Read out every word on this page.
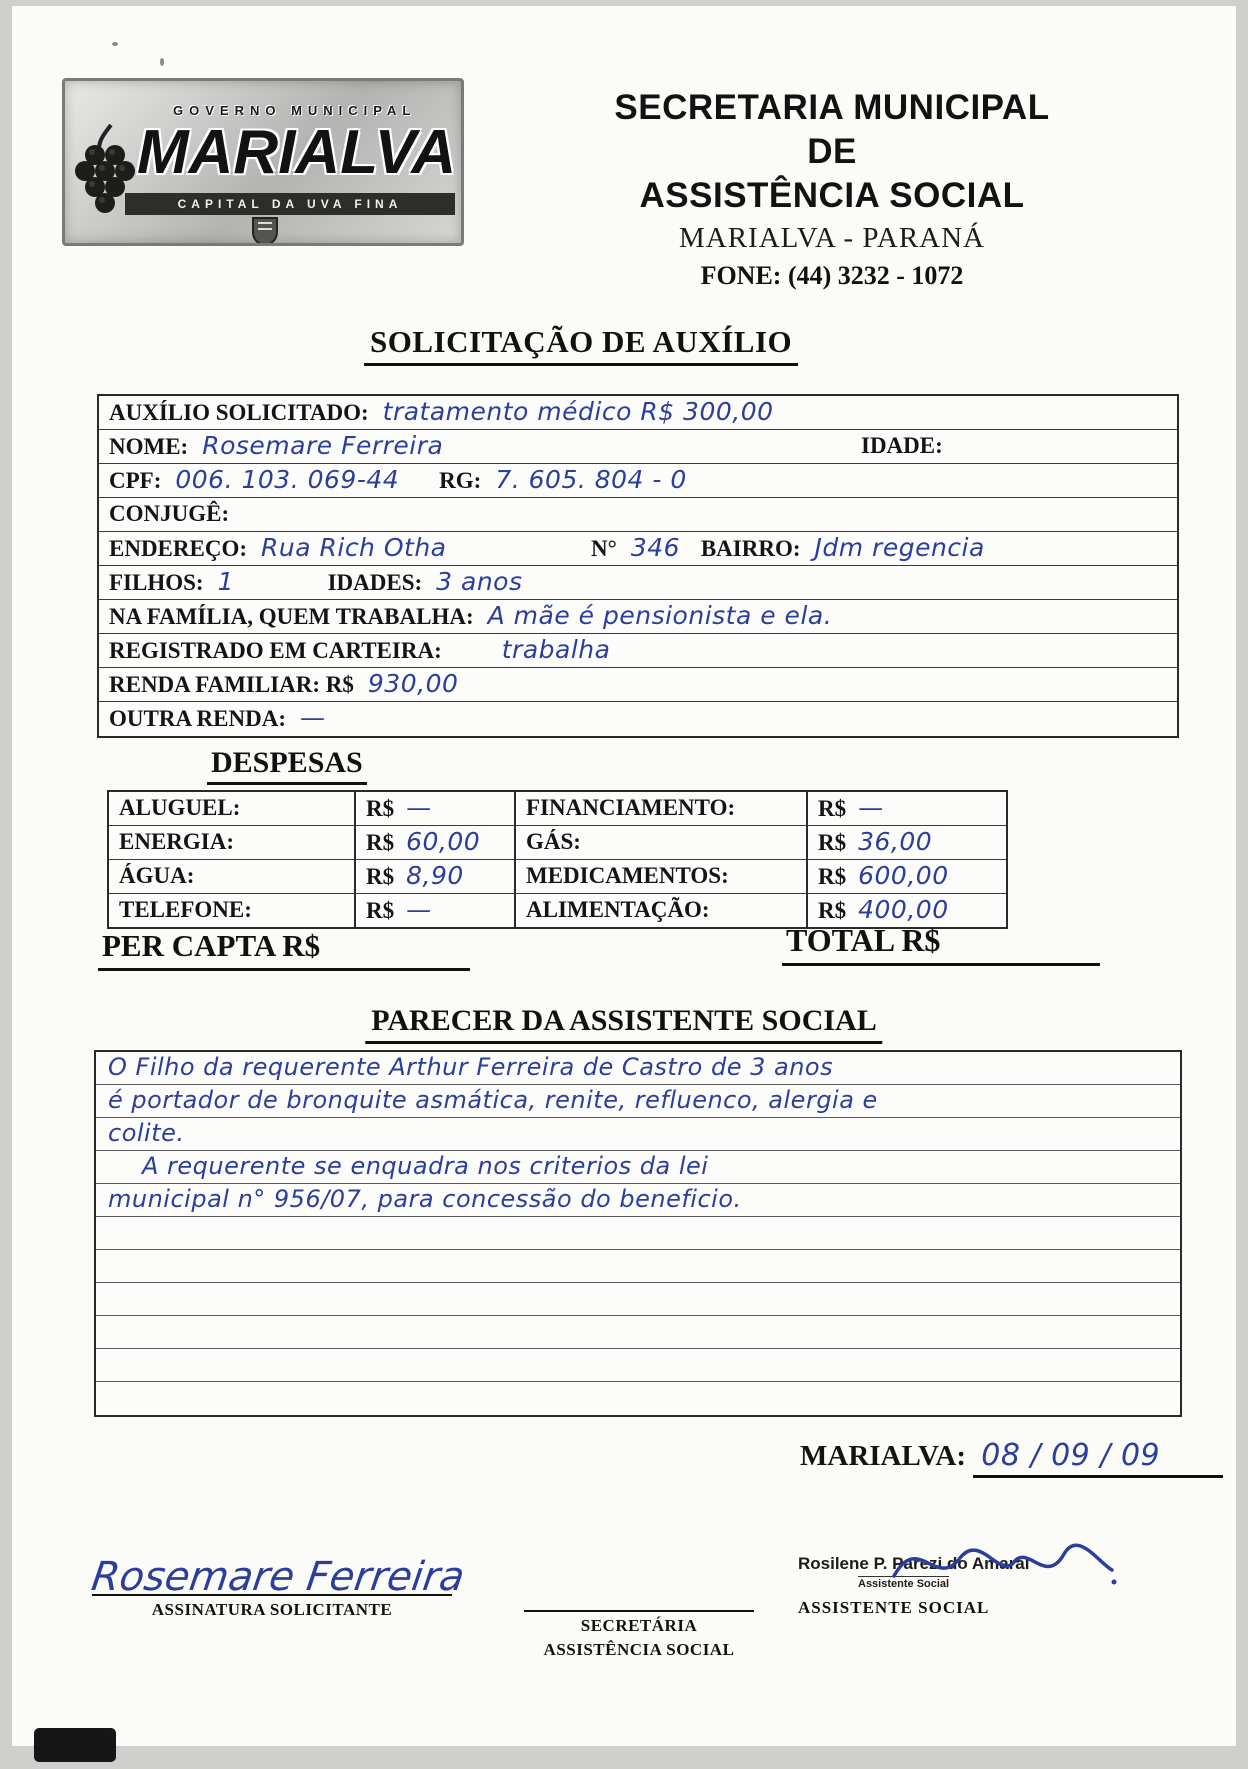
GOVERNO MUNICIPAL
MARIALVA
CAPITAL DA UVA FINA
SECRETARIA MUNICIPAL
DE
ASSISTÊNCIA SOCIAL
MARIALVA - PARANÁ
FONE: (44) 3232 - 1072
SOLICITAÇÃO DE AUXÍLIO
AUXÍLIO SOLICITADO: tratamento médico R$ 300,00
NOME: Rosemare Ferreira	IDADE:
CPF: 006. 103. 069-44 RG: 7. 605. 804 - 0
CONJUGÊ:
ENDEREÇO: Rua Rich Otha	N° 346 BAIRRO: Jdm regencia
FILHOS: 1	IDADES: 3 anos
NA FAMÍLIA, QUEM TRABALHA: A mãe é pensionista e ela.
REGISTRADO EM CARTEIRA: trabalha
RENDA FAMILIAR: R$ 930,00
OUTRA RENDA: —
DESPESAS
ALUGUEL:	R$ —	FINANCIAMENTO:	R$ —
ENERGIA:	R$ 60,00	GÁS:	R$ 36,00
ÁGUA:	R$ 8,90	MEDICAMENTOS:	R$ 600,00
TELEFONE:	R$ —	ALIMENTAÇÃO:	R$ 400,00
PER CAPTA R$	TOTAL R$
PARECER DA ASSISTENTE SOCIAL
O Filho da requerente Arthur Ferreira de Castro de 3 anos
é portador de bronquite asmática, renite, refluenco, alergia e
colite.
A requerente se enquadra nos criterios da lei
municipal n° 956/07, para concessão do beneficio.
MARIALVA: 08 / 09 / 09
Rosemare Ferreira
ASSINATURA SOLICITANTE
SECRETÁRIA
ASSISTÊNCIA SOCIAL
Rosilene P. Parezi do Amaral
Assistente Social
ASSISTENTE SOCIAL
